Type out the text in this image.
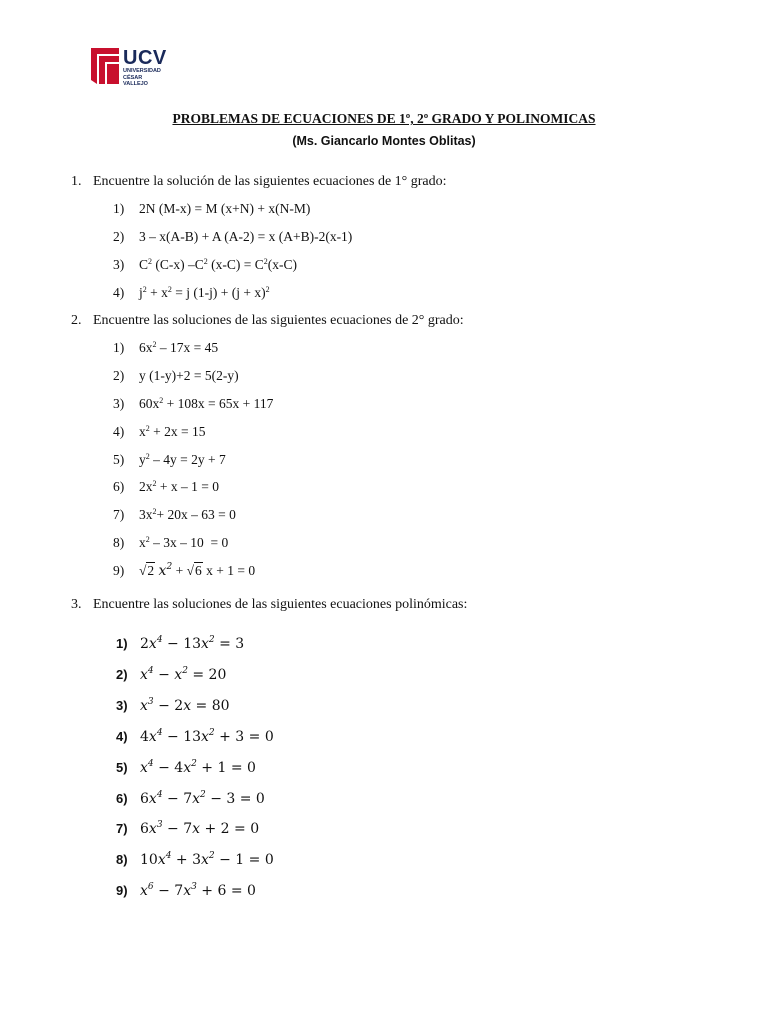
UCV
UNIVERSIDAD
CÉSAR VALLEJO
PROBLEMAS DE ECUACIONES DE 1º, 2º GRADO Y POLINOMICAS
(Ms. Giancarlo Montes Oblitas)
1. Encuentre la solución de las siguientes ecuaciones de 1° grado:
1) 2N (M-x) = M (x+N) + x(N-M)
2) 3 – x(A-B) + A (A-2) = x (A+B)-2(x-1)
3) $C^2$ (C-x) $-C^2$ $(x-C) = C^2(x-C)$
4) $j^2 + x^2 = j$ $(1-j) + (j + x)^2$
2. Encuentre las soluciones de las siguientes ecuaciones de 2° grado:
1) $6x^2 - 17x = 45$
2) y (1-y)+2 = 5(2-y)
3) $60x^2 + 108x = 65x + 117$
4) $x^2 + 2x = 15$
5) $y^2 - 4y = 2y + 7$
6) $2x^2 + x - 1 = 0$
7) $3x^2+ 20x - 63 = 0$
8) $x^2 - 3x - 10 = 0$
9) √2 $x^2 + √6$ x + 1 = 0
3. Encuentre las soluciones de las siguientes ecuaciones polinómicas:
1) $2x^4 - 13x^2 = 3$
2) $x^4 - x^2 = 20$
3) $x^3 - 2x = 80$
4) $4x^4 - 13x^2 + 3 = 0$
5) $x^4 - 4x^2 + 1 = 0$
6) $6x^4 - 7x^2 - 3 = 0$
7) $6x^3 - 7x + 2 = 0$
8) $10x^4 + 3x^2 - 1 = 0$
9) $x^6 - 7x^3 + 6 = 0$
